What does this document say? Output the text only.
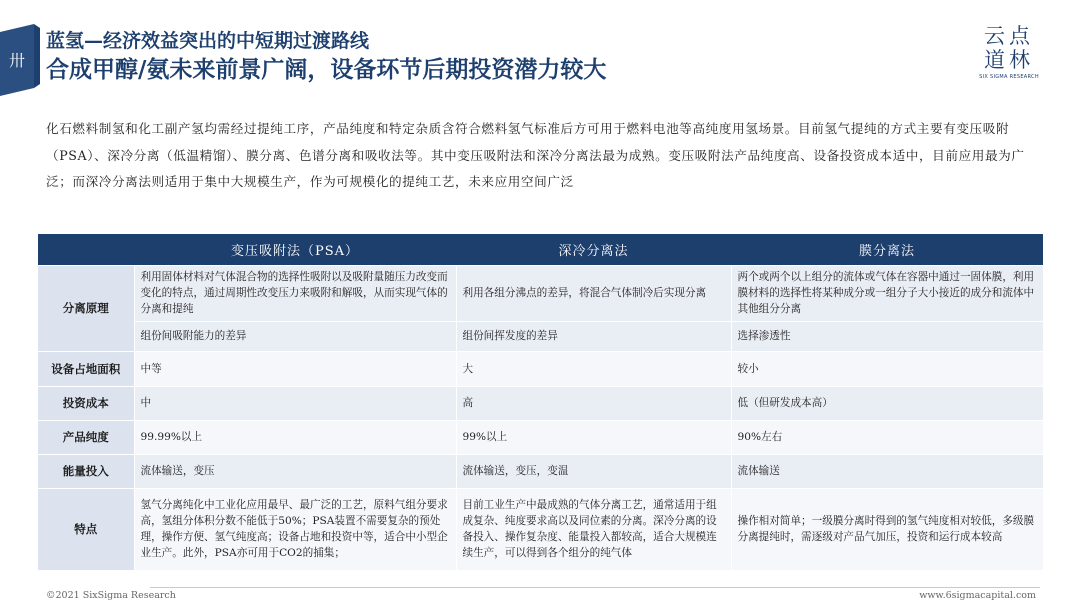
卅
蓝氢—经济效益突出的中短期过渡路线
合成甲醇/氨未来前景广阔，设备环节后期投资潜力较大
云点
道林
SIX SIGMA RESEARCH
化石燃料制氢和化工副产氢均需经过提纯工序，产品纯度和特定杂质含符合燃料氢气标准后方可用于燃料电池等高纯度用氢场景。目前氢气提纯的方式主要有变压吸附 （PSA）、深冷分离（低温精馏）、膜分离、色谱分离和吸收法等。其中变压吸附法和深冷分离法最为成熟。变压吸附法产品纯度高、设备投资成本适中，目前应用最为广泛；而深冷分离法则适用于集中大规模生产，作为可规模化的提纯工艺，未来应用空间广泛
	变压吸附法（PSA）	深冷分离法	膜分离法
分离原理	利用固体材料对气体混合物的选择性吸附以及吸附量随压力改变而变化的特点，通过周期性改变压力来吸附和解吸，从而实现气体的分离和提纯	利用各组分沸点的差异，将混合气体制冷后实现分离	两个或两个以上组分的流体或气体在容器中通过一固体膜，利用膜材料的选择性将某种成分或一组分子大小接近的成分和流体中其他组分分离
	组份间吸附能力的差异	组份间挥发度的差异	选择渗透性
设备占地面积	中等	大	较小
投资成本	中	高	低（但研发成本高）
产品纯度	99.99%以上	99%以上	90%左右
能量投入	流体输送，变压	流体输送，变压，变温	流体输送
特点	氢气分离纯化中工业化应用最早、最广泛的工艺，原料气组分要求高，氢组分体积分数不能低于50%；PSA装置不需要复杂的预处理，操作方便、氢气纯度高；设备占地和投资中等，适合中小型企业生产。此外，PSA亦可用于CO2的捕集；	目前工业生产中最成熟的气体分离工艺，通常适用于组成复杂、纯度要求高以及同位素的分离。深冷分离的设备投入、操作复杂度、能量投入都较高，适合大规模连续生产，可以得到各个组分的纯气体	操作相对简单；一级膜分离时得到的氢气纯度相对较低，多级膜分离提纯时，需逐级对产品气加压，投资和运行成本较高
©2021 SixSigma Research	www.6sigmacapital.com
